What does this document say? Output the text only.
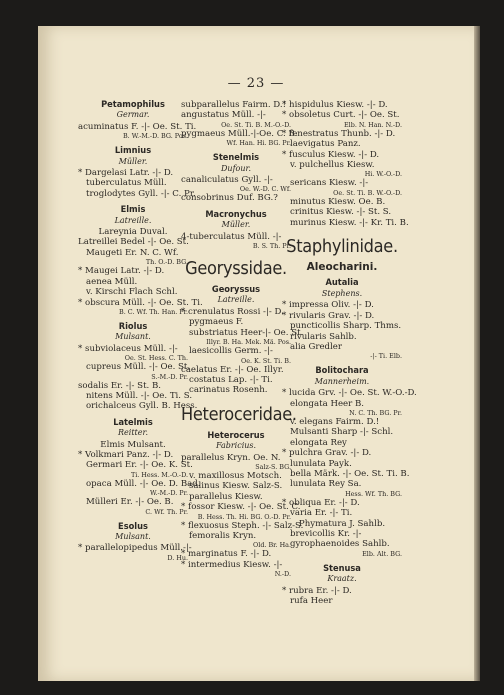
— 23 —
Petamophilus
Germar.
acuminatus F. -|- Oe. St. Ti.
B. W.-M.-D. BG. Pos.
Limnius
Müller.
* Dargelasi Latr. -|- D.
tuberculatus Müll.
troglodytes Gyll. -|- C. Pr.
Elmis
Latreille.
Lareynia Duval.
Latreillei Bedel -|- Oe. St.
Maugeti Er. N. C. Wf.
Th. O.-D. BG.
* Maugei Latr. -|- D.
aenea Müll.
v. Kirschi Flach Schl.
* obscura Müll. -|- Oe. St. Ti.
B. C. Wf. Th. Han. Pr.
Riolus
Mulsant.
* subviolaceus Müll. -|-
Oe. St. Hess. C. Th.
cupreus Müll. -|- Oe. St.
S.-M.-D. Pr.
sodalis Er. -|- St. B.
nitens Müll. -|- Oe. Ti. S.
orichalceus Gyll. B. Hess.
Latelmis
Reitter.
Elmis Mulsant.
* Volkmari Panz. -|- D.
Germari Er. -|- Oe. K. St.
Ti. Hess. M.-O.-D.
opaca Müll. -|- Oe. D. Bad.
W.-M.-D. Pr.
Mülleri Er. -|- Oe. B.
C. Wf. Th. Pr.
Esolus
Mulsant.
* parallelopipedus Müll.-|-
D. Hu.
subparallelus Fairm. D.!
angustatus Müll. -|-
Oe. St. Ti. B. M.-O.-D.
pygmaeus Müll.-|-Oe. C. B.
Wf. Han. Hi. BG. Pr.
Stenelmis
Dufour.
canaliculatus Gyll. -|-
Oe. W.-D. C. Wf.
consobrinus Duf. BG.?
Macronychus
Müller.
4-tuberculatus Müll. -|-
B. S. Th. Pr.
Georyssidae.
Georyssus
Latreille.
* crenulatus Rossi -|- D.
pygmaeus F.
substriatus Heer-|- Oe. St.
Illyr. B. Ha. Mek. Mä. Pos.
laesicollis Germ. -|-
Oe. K. St. Ti. B.
caelatus Er. -|- Oe. Illyr.
costatus Lap. -|- Ti.
carinatus Rosenh.
Heteroceridae.
Heterocerus
Fabricius.
parallelus Kryn. Oe. N.
Salz-S. BG.
v. maxillosus Motsch.
salinus Kiesw. Salz-S.
parallelus Kiesw.
* fossor Kiesw. -|- Oe. St. C.
B. Hess. Th. Hi. BG. O.-D. Pr.
* flexuosus Steph. -|- Salz-S.
femoralis Kryn.
Old. Br. Ha.
* marginatus F. -|- D.
* intermedius Kiesw. -|-
N.-D.
* hispidulus Kiesw. -|- D.
* obsoletus Curt. -|- Oe. St.
Elb. N. Han. N.-D.
* fenestratus Thunb. -|- D.
laevigatus Panz.
* fusculus Kiesw. -|- D.
v. pulchellus Kiesw.
Hi. W.-O.-D.
sericans Kiesw. -|-
Oe. St. Ti. B. W.-O.-D.
minutus Kiesw. Oe. B.
crinitus Kiesw. -|- St. S.
murinus Kiesw. -|- Kr. Ti. B.
Staphylinidae.
Aleocharini.
Autalia
Stephens.
* impressa Oliv. -|- D.
* rivularis Grav. -|- D.
puncticollis Sharp. Thms.
rivularis Sahlb.
alia Gredler
-|- Ti. Elb.
Bolitochara
Mannerheim.
* lucida Grv. -|- Oe. St. W.-O.-D.
elongata Heer B.
N. C. Th. BG. Pr.
v. elegans Fairm. D.!
Mulsanti Sharp -|- Schl.
elongata Rey
* pulchra Grav. -|- D.
lunulata Payk.
bella Märk. -|- Oe. St. Ti. B.
lunulata Rey Sa.
Hess. Wf. Th. BG.
* obliqua Er. -|- D.
varia Er. -|- Ti.
Phymatura J. Sahlb.
brevicollis Kr. -|-
gyrophaenoides Sahlb.
Elb. Alt. BG.
Stenusa
Kraatz.
* rubra Er. -|- D.
rufa Heer
